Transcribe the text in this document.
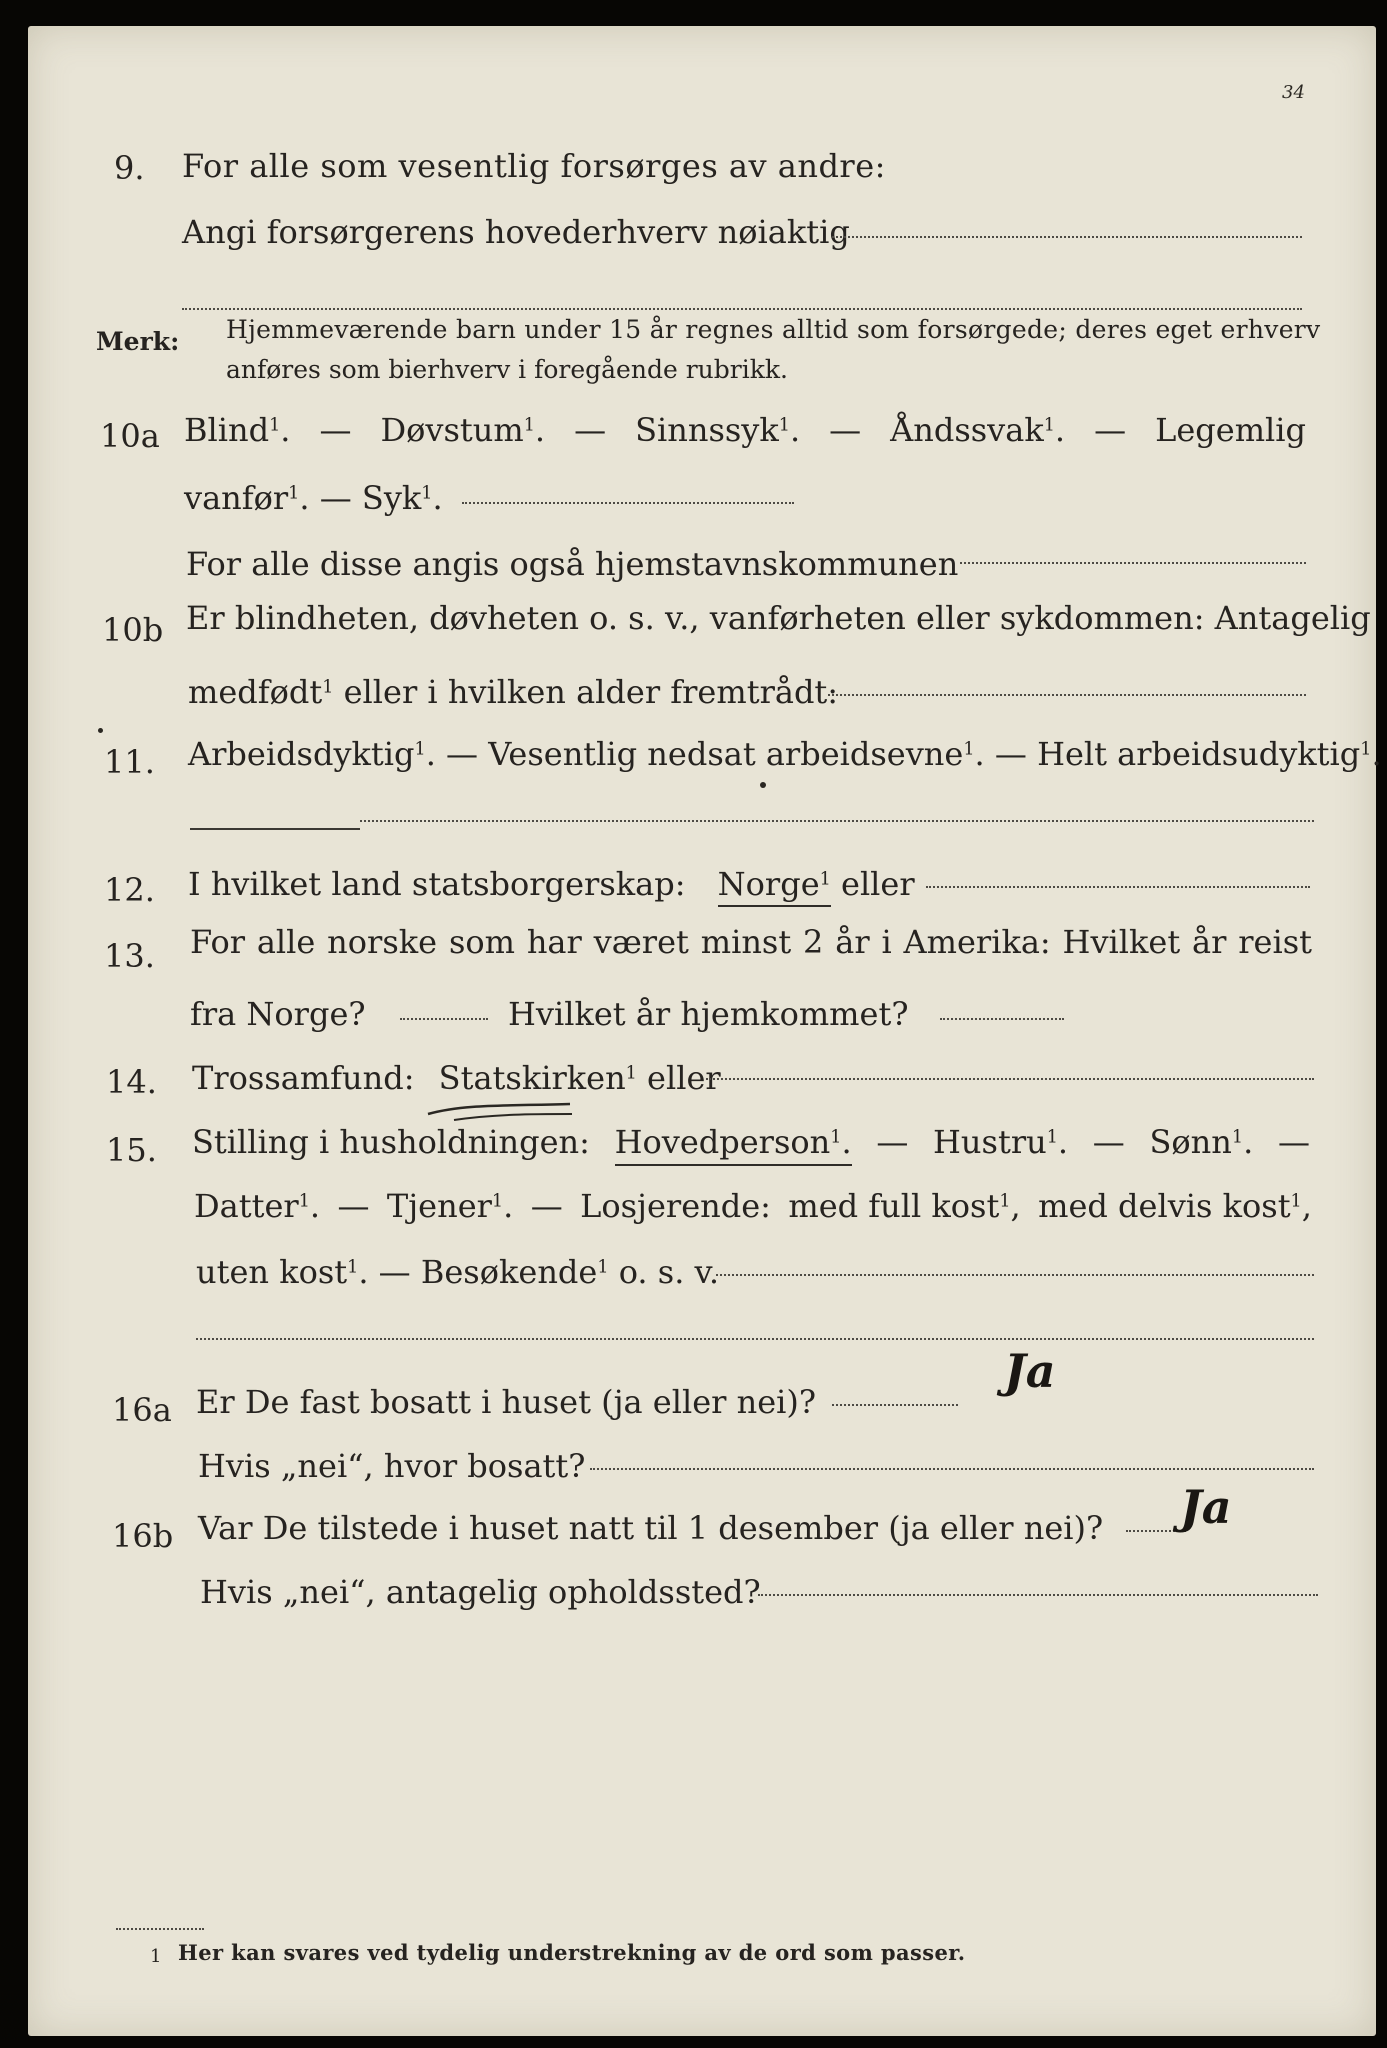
34
9. For alle som vesentlig forsørges av andre:
Angi forsørgerens hovederhverv nøiaktig
Merk: Hjemmeværende barn under 15 år regnes alltid som forsørgede; deres eget erhverv
anføres som bierhverv i foregående rubrikk.
10a Blind$^1$. — Døvstum$^1$. — Sinnssyk$^1$. — Åndssvak$^1$. — Legemlig
vanfør$^1$. — Syk$^1$.
For alle disse angis også hjemstavnskommunen
10b Er blindheten, døvheten o. s. v., vanførheten eller sykdommen: Antagelig
medfødt$^1$ eller i hvilken alder fremtrådt:
11. Arbeidsdyktig$^1$. — Vesentlig nedsat arbeidsevne$^1$. — Helt arbeidsudyktig$^1$.
12. I hvilket land statsborgerskap: Norge$^1$ eller
13. For alle norske som har været minst 2 år i Amerika: Hvilket år reist
fra Norge?	Hvilket år hjemkommet?
14. Trossamfund: Statskirken$^1$ eller
15. Stilling i husholdningen: Hovedperson$^1$. — Hustru$^1$. — Sønn$^1$. —
Datter$^1$. — Tjener$^1$. — Losjerende: med full kost$^1$, med delvis kost$^1$,
uten kost$^1$. — Besøkende$^1$ o. s. v.
16a Er De fast bosatt i huset (ja eller nei)?
Ja
Hvis „nei“, hvor bosatt?
16b Var De tilstede i huset natt til 1 desember (ja eller nei)? Ja
Hvis „nei“, antagelig opholdssted?
1 Her kan svares ved tydelig understrekning av de ord som passer.
